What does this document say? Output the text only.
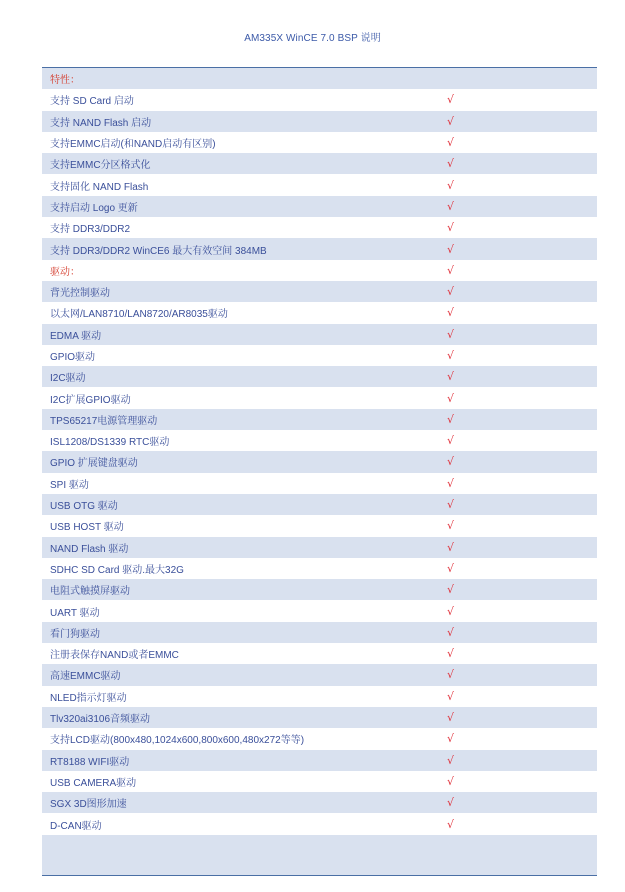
AM335X WinCE 7.0 BSP 说明
特性：
支持 SD Card 启动	√
支持 NAND Flash 启动	√
支持EMMC启动(和NAND启动有区别)	√
支持EMMC分区格式化	√
支持固化 NAND Flash	√
支持启动 Logo 更新	√
支持 DDR3/DDR2	√
支持 DDR3/DDR2 WinCE6 最大有效空间 384MB	√
驱动：	√
背光控制驱动	√
以太网/LAN8710/LAN8720/AR8035驱动	√
EDMA 驱动	√
GPIO驱动	√
I2C驱动	√
I2C扩展GPIO驱动	√
TPS65217电源管理驱动	√
ISL1208/DS1339 RTC驱动	√
GPIO 扩展键盘驱动	√
SPI 驱动	√
USB OTG 驱动	√
USB HOST 驱动	√
NAND Flash 驱动	√
SDHC SD Card 驱动.最大32G	√
电阻式触摸屏驱动	√
UART 驱动	√
看门狗驱动	√
注册表保存NAND或者EMMC	√
高速EMMC驱动	√
NLED指示灯驱动	√
Tlv320ai3106音频驱动	√
支持LCD驱动(800x480,1024x600,800x600,480x272等等)	√
RT8188 WIFI驱动	√
USB CAMERA驱动	√
SGX 3D图形加速	√
D-CAN驱动	√
